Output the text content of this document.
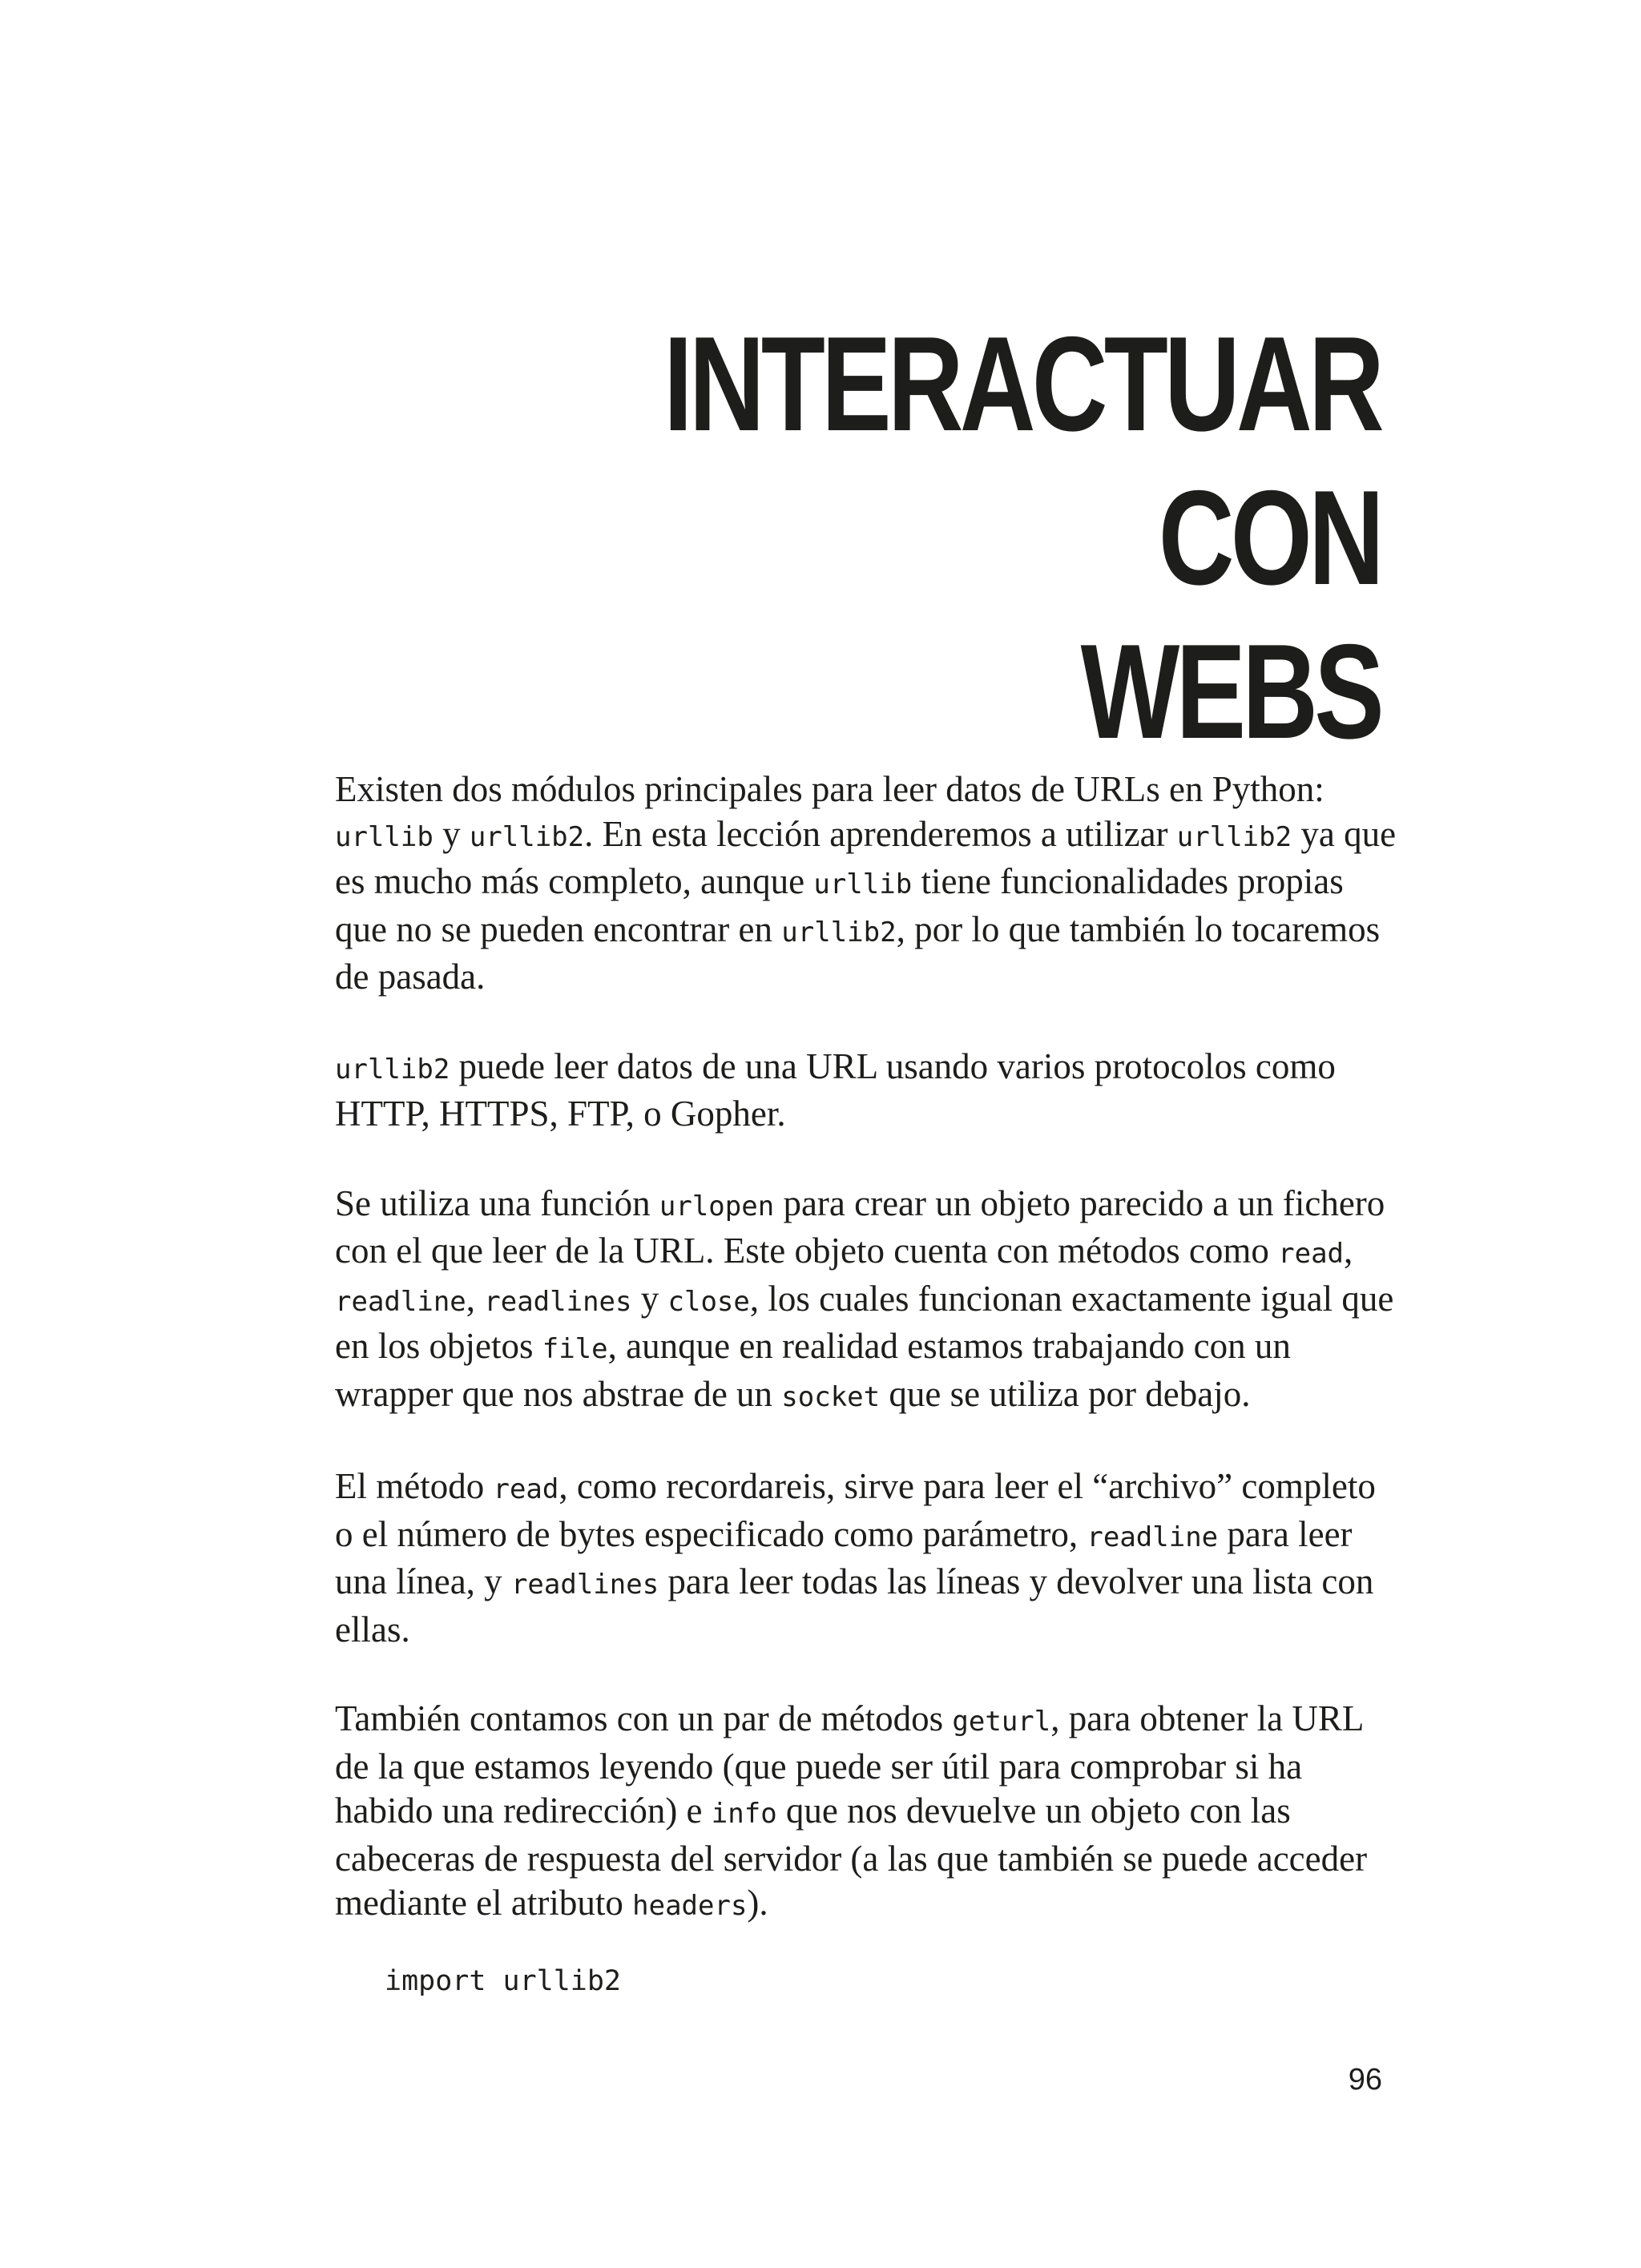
INTERACTUAR CON
WEBS

Existen dos módulos principales para leer datos de URLs en Python: urllib y urllib2. En esta lección aprenderemos a utilizar urllib2 ya que es mucho más completo, aunque urllib tiene funcionalidades propias que no se pueden encontrar en urllib2, por lo que también lo tocaremos de pasada.

urllib2 puede leer datos de una URL usando varios protocolos como HTTP, HTTPS, FTP, o Gopher.

Se utiliza una función urlopen para crear un objeto parecido a un fichero con el que leer de la URL. Este objeto cuenta con métodos como read, readline, readlines y close, los cuales funcionan exactamente igual que en los objetos file, aunque en realidad estamos trabajando con un wrapper que nos abstrae de un socket que se utiliza por debajo.

El método read, como recordareis, sirve para leer el “archivo” completo o el número de bytes especificado como parámetro, readline para leer una línea, y readlines para leer todas las líneas y devolver una lista con ellas.

También contamos con un par de métodos geturl, para obtener la URL de la que estamos leyendo (que puede ser útil para comprobar si ha habido una redirección) e info que nos devuelve un objeto con las cabeceras de respuesta del servidor (a las que también se puede acceder mediante el atributo headers).

import urllib2
96
